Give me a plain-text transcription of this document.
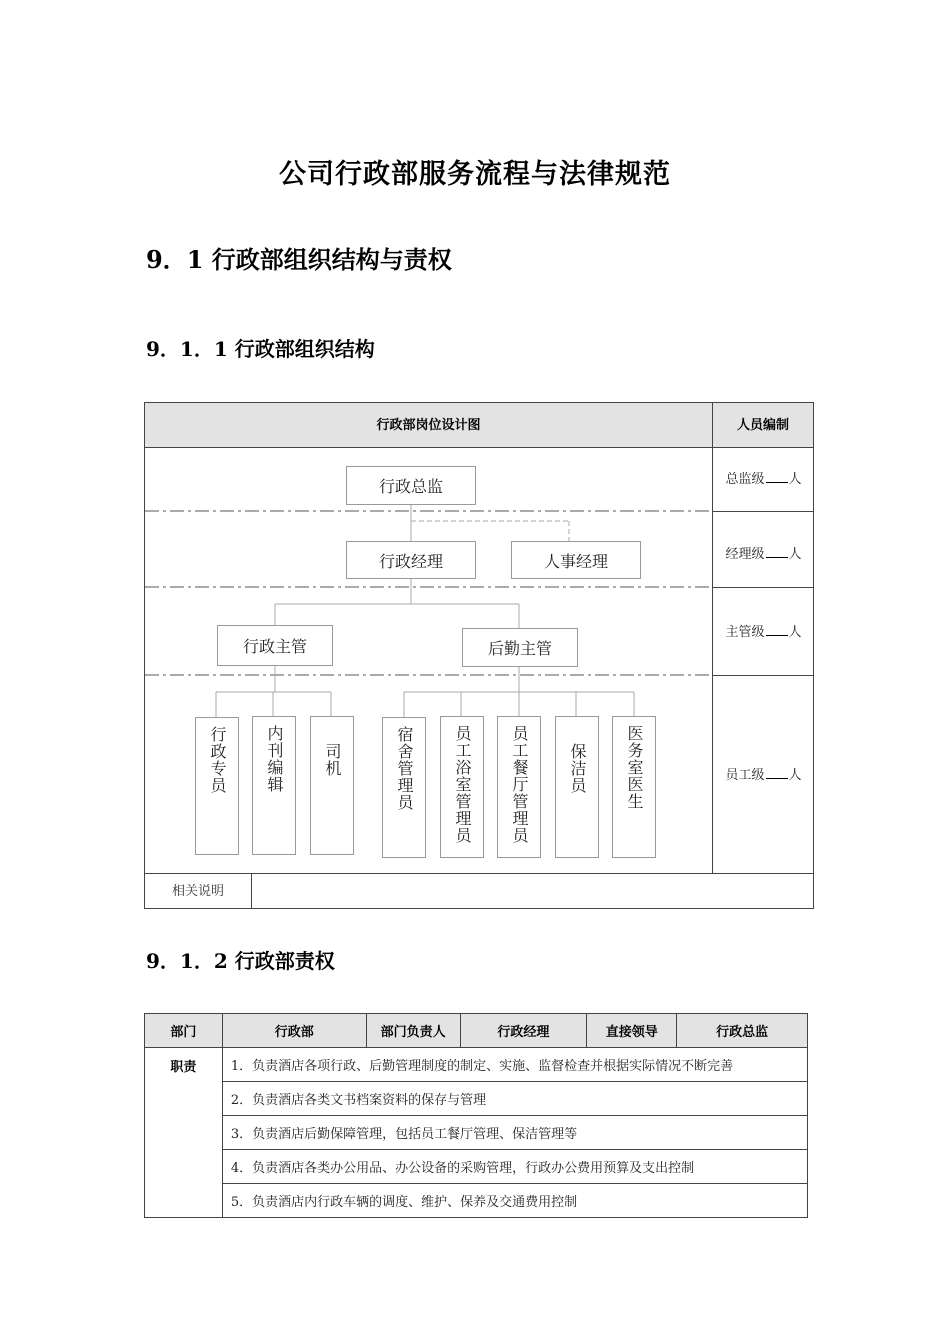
公司行政部服务流程与法律规范
9．1 行政部组织结构与责权
9．1．1 行政部组织结构
行政部岗位设计图	人员编制
相关说明
总监级 人
经理级 人
主管级 人
员工级 人
行政总监
行政经理	人事经理
行政主管	后勤主管
行政专员	内刊编辑	司机	宿舍管理员	员工浴室管理员	员工餐厅管理员	保洁员	医务室医生
9．1．2 行政部责权
部门	行政部	部门负责人	行政经理	直接领导	行政总监
职责	1．负责酒店各项行政、后勤管理制度的制定、实施、监督检查并根据实际情况不断完善				
	2．负责酒店各类文书档案资料的保存与管理				
	3．负责酒店后勤保障管理，包括员工餐厅管理、保洁管理等				
	4．负责酒店各类办公用品、办公设备的采购管理，行政办公费用预算及支出控制				
	5．负责酒店内行政车辆的调度、维护、保养及交通费用控制				
